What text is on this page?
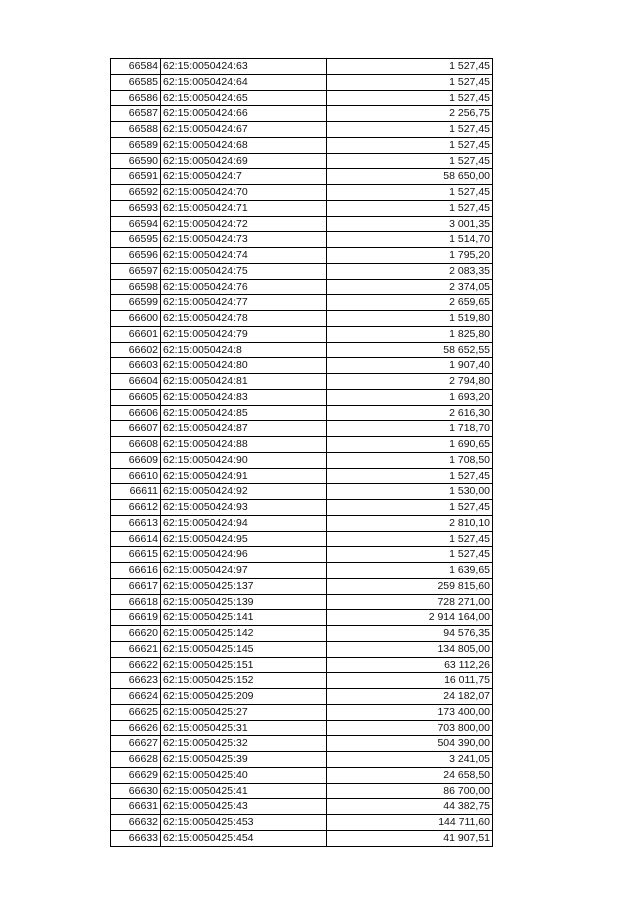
66584	62:15:0050424:63	1 527,45
66585	62:15:0050424:64	1 527,45
66586	62:15:0050424:65	1 527,45
66587	62:15:0050424:66	2 256,75
66588	62:15:0050424:67	1 527,45
66589	62:15:0050424:68	1 527,45
66590	62:15:0050424:69	1 527,45
66591	62:15:0050424:7	58 650,00
66592	62:15:0050424:70	1 527,45
66593	62:15:0050424:71	1 527,45
66594	62:15:0050424:72	3 001,35
66595	62:15:0050424:73	1 514,70
66596	62:15:0050424:74	1 795,20
66597	62:15:0050424:75	2 083,35
66598	62:15:0050424:76	2 374,05
66599	62:15:0050424:77	2 659,65
66600	62:15:0050424:78	1 519,80
66601	62:15:0050424:79	1 825,80
66602	62:15:0050424:8	58 652,55
66603	62:15:0050424:80	1 907,40
66604	62:15:0050424:81	2 794,80
66605	62:15:0050424:83	1 693,20
66606	62:15:0050424:85	2 616,30
66607	62:15:0050424:87	1 718,70
66608	62:15:0050424:88	1 690,65
66609	62:15:0050424:90	1 708,50
66610	62:15:0050424:91	1 527,45
66611	62:15:0050424:92	1 530,00
66612	62:15:0050424:93	1 527,45
66613	62:15:0050424:94	2 810,10
66614	62:15:0050424:95	1 527,45
66615	62:15:0050424:96	1 527,45
66616	62:15:0050424:97	1 639,65
66617	62:15:0050425:137	259 815,60
66618	62:15:0050425:139	728 271,00
66619	62:15:0050425:141	2 914 164,00
66620	62:15:0050425:142	94 576,35
66621	62:15:0050425:145	134 805,00
66622	62:15:0050425:151	63 112,26
66623	62:15:0050425:152	16 011,75
66624	62:15:0050425:209	24 182,07
66625	62:15:0050425:27	173 400,00
66626	62:15:0050425:31	703 800,00
66627	62:15:0050425:32	504 390,00
66628	62:15:0050425:39	3 241,05
66629	62:15:0050425:40	24 658,50
66630	62:15:0050425:41	86 700,00
66631	62:15:0050425:43	44 382,75
66632	62:15:0050425:453	144 711,60
66633	62:15:0050425:454	41 907,51
